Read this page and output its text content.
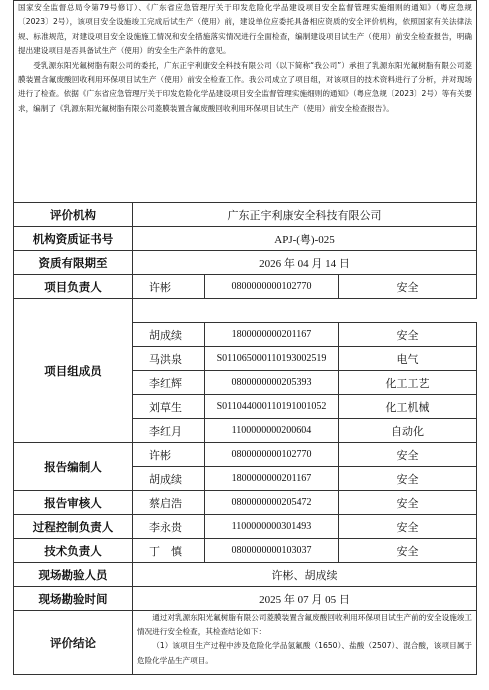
国家安全监督总局令第79号修订）、《广东省应急管理厅关于印发危险化学品建设项目安全监督管理实施细则的通知》（粤应急规〔2023〕2号），该项目安全设施竣工完成后试生产（使用）前，建设单位应委托具备相应资质的安全评价机构，依照国家有关法律法规、标准规范，对建设项目安全设施施工情况和安全措施落实情况进行全面检查，编制建设项目试生产（使用）前安全检查报告，明确提出建设项目是否具备试生产（使用）的安全生产条件的意见。

受乳源东阳光氟树脂有限公司的委托，广东正宇利康安全科技有限公司（以下简称“我公司”）承担了乳源东阳光氟树脂有限公司菱膜装置含氟废酸回收利用环保项目试生产（使用）前安全检查工作。我公司成立了项目组，对该项目的技术资料进行了分析，并对现场进行了检查。依据《广东省应急管理厅关于印发危险化学品建设项目安全监督管理实施细则的通知》（粤应急规〔2023〕2号）等有关要求，编制了《乳源东阳光氟树脂有限公司菱膜装置含氟废酸回收利用环保项目试生产（使用）前安全检查报告》。			

评价机构	广东正宇利康安全科技有限公司		
机构资质证书号	APJ-(粤)-025		
资质有限期至	2026 年 04 月 14 日		
项目负责人	许彬	0800000000102770	安全
项目组成员			
	胡成续	1800000000201167	安全
	马洪泉	S011065000110193002519	电气
	李红辉	0800000000205393	化工工艺
	刘草生	S011044000110191001052	化工机械
	李红月	1100000000200604	自动化
报告编制人	许彬	0800000000102770	安全
	胡成续	1800000000201167	安全
报告审核人	蔡启浩	0800000000205472	安全
过程控制负责人	李永贵	1100000000301493	安全
技术负责人	丁　慎	0800000000103037	安全
现场勘验人员	许彬、胡成续		
现场勘验时间	2025 年 07 月 05 日		
评价结论	通过对乳源东阳光氟树脂有限公司菱膜装置含氟废酸回收利用环保项目试生产前的安全设施竣工情况进行安全检查，其检查结论如下：

（1）该项目生产过程中涉及危险化学品氢氟酸（1650）、盐酸（2507）、混合酸，该项目属于危险化学品生产项目。		
